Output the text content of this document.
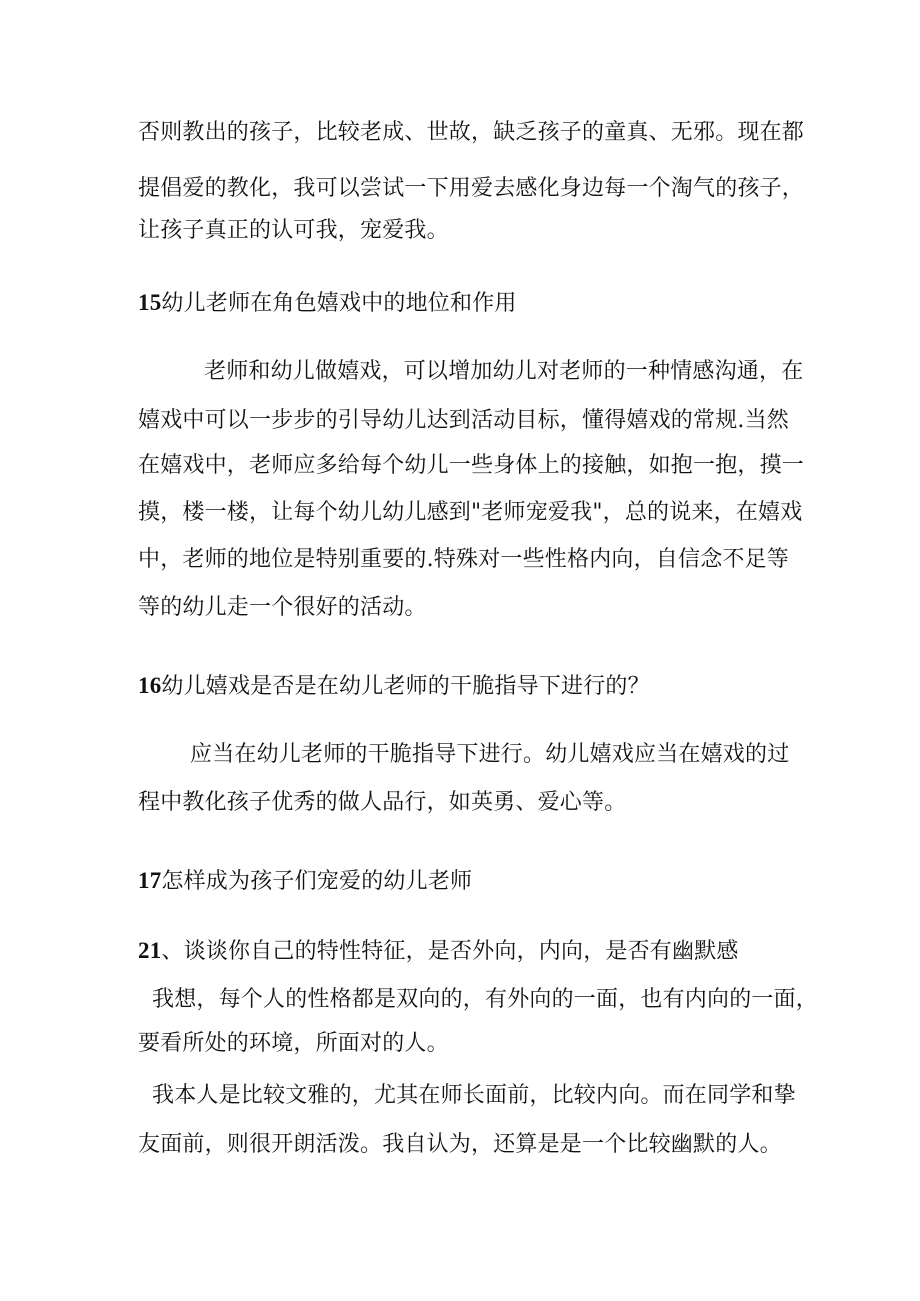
否则教出的孩子，比较老成、世故，缺乏孩子的童真、无邪。现在都
提倡爱的教化，我可以尝试一下用爱去感化身边每一个淘气的孩子，
让孩子真正的认可我，宠爱我。
15幼儿老师在角色嬉戏中的地位和作用
老师和幼儿做嬉戏，可以增加幼儿对老师的一种情感沟通，在
嬉戏中可以一步步的引导幼儿达到活动目标，懂得嬉戏的常规.当然
在嬉戏中，老师应多给每个幼儿一些身体上的接触，如抱一抱，摸一
摸，楼一楼，让每个幼儿幼儿感到"老师宠爱我"，总的说来，在嬉戏
中，老师的地位是特别重要的.特殊对一些性格内向，自信念不足等
等的幼儿走一个很好的活动。
16幼儿嬉戏是否是在幼儿老师的干脆指导下进行的？
应当在幼儿老师的干脆指导下进行。幼儿嬉戏应当在嬉戏的过
程中教化孩子优秀的做人品行，如英勇、爱心等。
17怎样成为孩子们宠爱的幼儿老师
21、谈谈你自己的特性特征，是否外向，内向，是否有幽默感
我想，每个人的性格都是双向的，有外向的一面，也有内向的一面，
要看所处的环境，所面对的人。
我本人是比较文雅的，尤其在师长面前，比较内向。而在同学和挚
友面前，则很开朗活泼。我自认为，还算是是一个比较幽默的人。
